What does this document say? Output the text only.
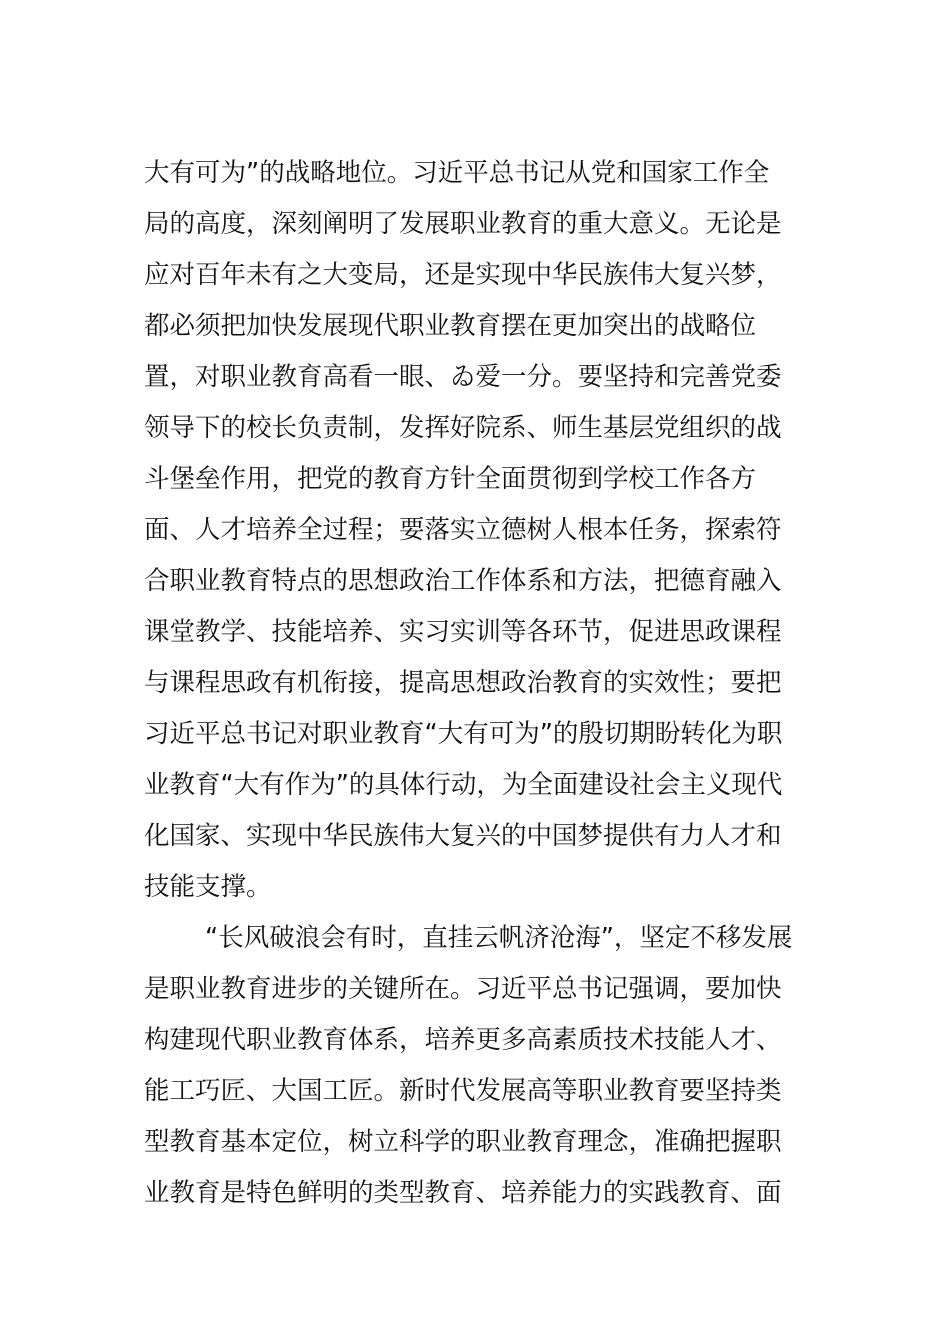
大有可为”的战略地位。习近平总书记从党和国家工作全
局的高度，深刻阐明了发展职业教育的重大意义。无论是
应对百年未有之大变局，还是实现中华民族伟大复兴梦，
都必须把加快发展现代职业教育摆在更加突出的战略位
置，对职业教育高看一眼、ゐ爱一分。要坚持和完善党委
领导下的校长负责制，发挥好院系、师生基层党组织的战
斗堡垒作用，把党的教育方针全面贯彻到学校工作各方
面、人才培养全过程；要落实立德树人根本任务，探索符
合职业教育特点的思想政治工作体系和方法，把德育融入
课堂教学、技能培养、实习实训等各环节，促进思政课程
与课程思政有机衔接，提高思想政治教育的实效性；要把
习近平总书记对职业教育“大有可为”的殷切期盼转化为职
业教育“大有作为”的具体行动，为全面建设社会主义现代
化国家、实现中华民族伟大复兴的中国梦提供有力人才和
技能支撑。
“长风破浪会有时，直挂云帆济沧海”，坚定不移发展
是职业教育进步的关键所在。习近平总书记强调，要加快
构建现代职业教育体系，培养更多高素质技术技能人才、
能工巧匠、大国工匠。新时代发展高等职业教育要坚持类
型教育基本定位，树立科学的职业教育理念，准确把握职
业教育是特色鲜明的类型教育、培养能力的实践教育、面
